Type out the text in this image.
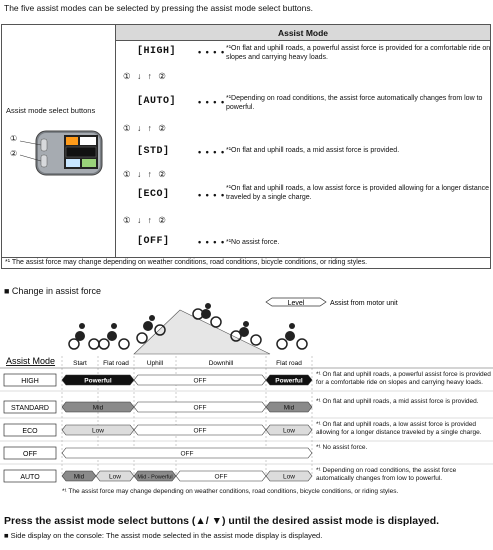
The five assist modes can be selected by pressing the assist mode select buttons.
Assist Mode
Assist mode select buttons
①
②
[HIGH] • • • • *¹On flat and uphill roads, a powerful assist force is provided for a comfortable ride on slopes and carrying heavy loads.
① ↓ ↑ ②
[AUTO] • • • • *¹Depending on road conditions, the assist force automatically changes from low to powerful.
① ↓ ↑ ②
[STD]	• • • • *¹On flat and uphill roads, a mid assist force is provided.
① ↓ ↑ ②
[ECO]	• • • •
*¹On flat and uphill roads, a low assist force is provided allowing for a longer distance traveled by a single charge.
① ↓ ↑ ②
[OFF]	• • • • *¹No assist force.
*¹ The assist force may change depending on weather conditions, road conditions, bicycle conditions, or riding styles.
■ Change in assist force
Level	Assist from motor unit
Assist Mode	Start	Flat road	Uphill	Downhill	Flat road
HIGH	Powerful	OFF	Powerful
*¹ On flat and uphill roads, a powerful assist force is provided for a comfortable ride on slopes and carrying heavy loads.
STANDARD	Mid	OFF	Mid
*¹ On flat and uphill roads, a mid assist force is provided.
ECO	Low	OFF	Low
*¹ On flat and uphill roads, a low assist force is provided allowing for a longer distance traveled by a single charge.
OFF	OFF
*¹ No assist force.
AUTO	Mid	Low	Mid - Powerful	OFF	Low
*¹ Depending on road conditions, the assist force automatically changes from low to powerful.
*¹ The assist force may change depending on weather conditions, road conditions, bicycle conditions, or riding styles.
Press the assist mode select buttons (▲/ ▼) until the desired assist mode is displayed.
■ Side display on the console: The assist mode selected in the assist mode display is displayed.
